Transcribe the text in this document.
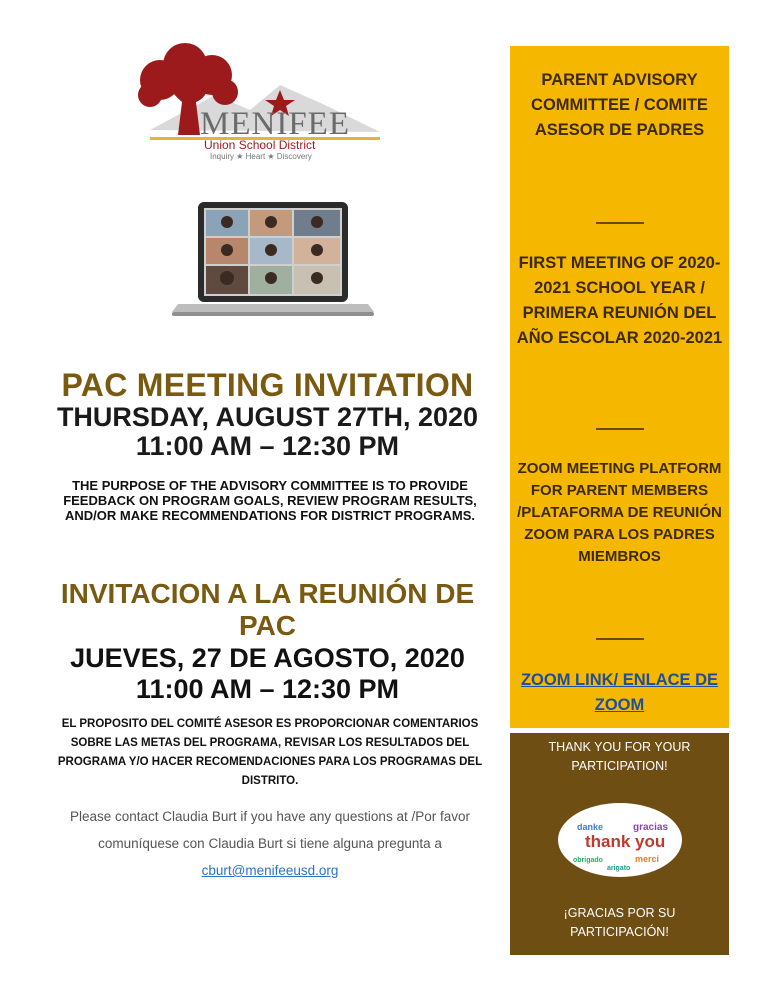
MENIFEE
Union School District
Inquiry ★ Heart ★ Discovery
PAC MEETING INVITATION
THURSDAY, AUGUST 27TH, 2020
11:00 AM – 12:30 PM
THE PURPOSE OF THE ADVISORY COMMITTEE IS TO PROVIDE FEEDBACK ON PROGRAM GOALS, REVIEW PROGRAM RESULTS, AND/OR MAKE RECOMMENDATIONS FOR DISTRICT PROGRAMS.
INVITACION A LA REUNIÓN DE PAC
JUEVES, 27 DE AGOSTO, 2020
11:00 AM – 12:30 PM
EL PROPOSITO DEL COMITÉ ASESOR ES PROPORCIONAR COMENTARIOS SOBRE LAS METAS DEL PROGRAMA, REVISAR LOS RESULTADOS DEL PROGRAMA Y/O HACER RECOMENDACIONES PARA LOS PROGRAMAS DEL DISTRITO.
Please contact Claudia Burt if you have any questions at /Por favor
comuníquese con Claudia Burt si tiene alguna pregunta a
cburt@menifeeusd.org
PARENT ADVISORY COMMITTEE / COMITE ASESOR DE PADRES
FIRST MEETING OF 2020-2021 SCHOOL YEAR / PRIMERA REUNIÓN DEL AÑO ESCOLAR 2020-2021
ZOOM MEETING PLATFORM FOR PARENT MEMBERS /PLATAFORMA DE REUNIÓN ZOOM PARA LOS PADRES MIEMBROS
ZOOM LINK/ ENLACE DE ZOOM
THANK YOU FOR YOUR PARTICIPATION!
danke
thank you
gracias
merci
obrigado
arigato
¡GRACIAS POR SU PARTICIPACIÓN!
